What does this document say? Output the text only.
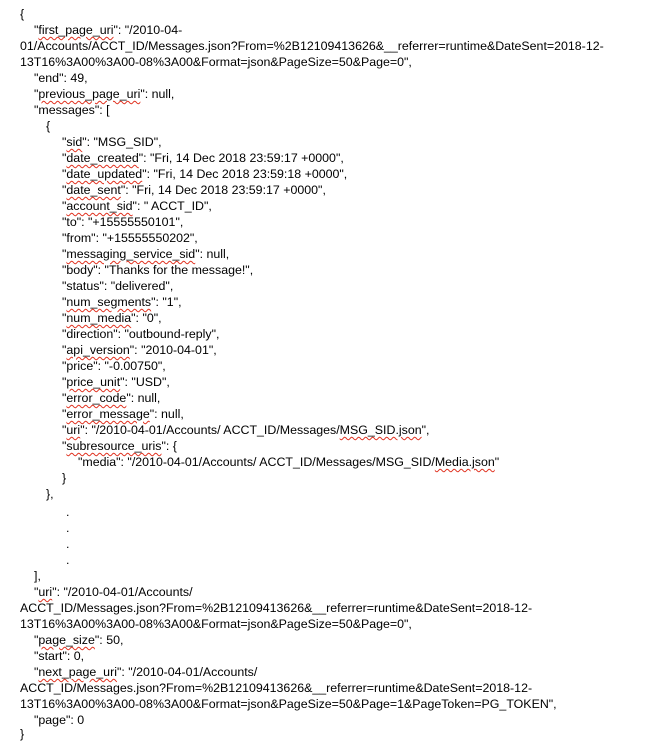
{
"first_page_uri": "/2010-04-
01/Accounts/ACCT_ID/Messages.json?From=%2B12109413626&__referrer=runtime&DateSent=2018-12-
13T16%3A00%3A00-08%3A00&Format=json&PageSize=50&Page=0",
"end": 49,
"previous_page_uri": null,
"messages": [
{
"sid": "MSG_SID",
"date_created": "Fri, 14 Dec 2018 23:59:17 +0000",
"date_updated": "Fri, 14 Dec 2018 23:59:18 +0000",
"date_sent": "Fri, 14 Dec 2018 23:59:17 +0000",
"account_sid": " ACCT_ID",
"to": "+15555550101",
"from": "+15555550202",
"messaging_service_sid": null,
"body": "Thanks for the message!",
"status": "delivered",
"num_segments": "1",
"num_media": "0",
"direction": "outbound-reply",
"api_version": "2010-04-01",
"price": "-0.00750",
"price_unit": "USD",
"error_code": null,
"error_message": null,
"uri": "/2010-04-01/Accounts/ ACCT_ID/Messages/MSG_SID.json",
"subresource_uris": {
"media": "/2010-04-01/Accounts/ ACCT_ID/Messages/MSG_SID/Media.json"
}
},
.
.
.
.
],
"uri": "/2010-04-01/Accounts/
ACCT_ID/Messages.json?From=%2B12109413626&__referrer=runtime&DateSent=2018-12-
13T16%3A00%3A00-08%3A00&Format=json&PageSize=50&Page=0",
"page_size": 50,
"start": 0,
"next_page_uri": "/2010-04-01/Accounts/
ACCT_ID/Messages.json?From=%2B12109413626&__referrer=runtime&DateSent=2018-12-
13T16%3A00%3A00-08%3A00&Format=json&PageSize=50&Page=1&PageToken=PG_TOKEN",
"page": 0
}
